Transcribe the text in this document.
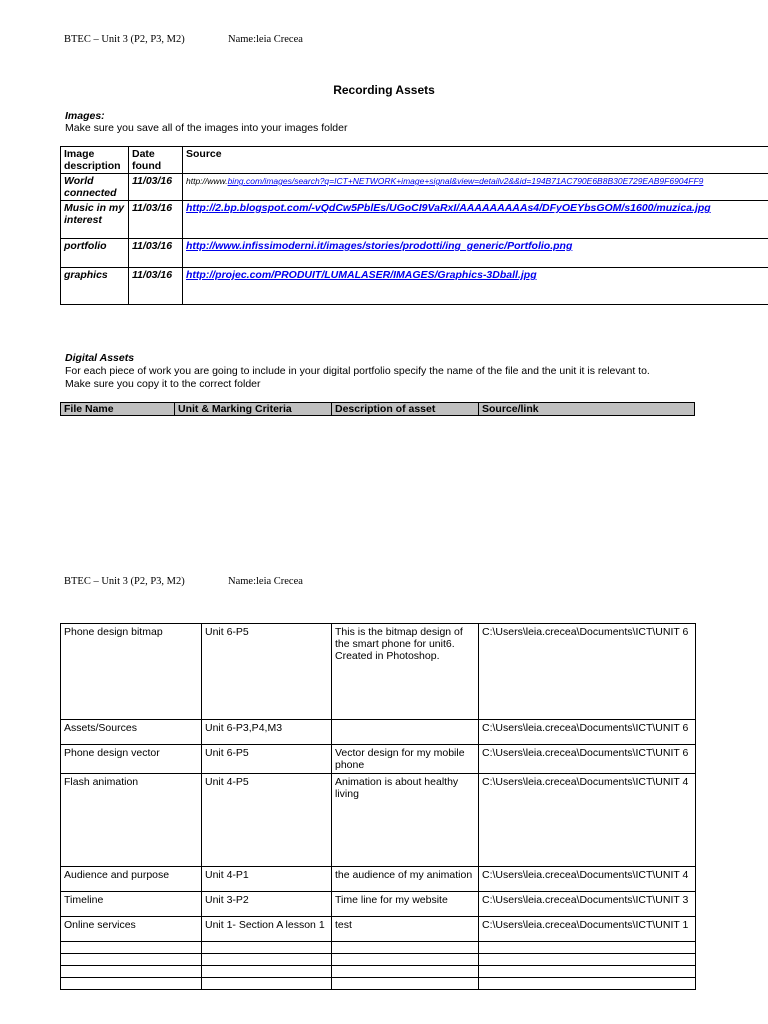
BTEC – Unit 3 (P2, P3, M2)	Name:leia Crecea
Recording Assets
Images:
Make sure you save all of the images into your images folder
Image description	Date found	Source
World connected	11/03/16	http://www.bing.com/images/search?q=ICT+NETWORK+image+signal&view=detailv2&&id=194B71AC790E6B8B30E729EAB9F6904FF9
Music in my interest	11/03/16	http://2.bp.blogspot.com/-vQdCw5PblEs/UGoCI9VaRxI/AAAAAAAAAs4/DFyOEYbsGOM/s1600/muzica.jpg
portfolio	11/03/16	http://www.infissimoderni.it/images/stories/prodotti/ing_generic/Portfolio.png
graphics	11/03/16	http://projec.com/PRODUIT/LUMALASER/IMAGES/Graphics-3Dball.jpg
Digital Assets
For each piece of work you are going to include in your digital portfolio specify the name of the file and the unit it is relevant to.
Make sure you copy it to the correct folder
File Name	Unit & Marking Criteria	Description of asset	Source/link
BTEC – Unit 3 (P2, P3, M2)	Name:leia Crecea
Phone design bitmap	Unit 6-P5	This is the bitmap design of the smart phone for unit6. Created in Photoshop.	C:\Users\leia.crecea\Documents\ICT\UNIT 6
Assets/Sources	Unit 6-P3,P4,M3		C:\Users\leia.crecea\Documents\ICT\UNIT 6
Phone design vector	Unit 6-P5	Vector design for my mobile phone	C:\Users\leia.crecea\Documents\ICT\UNIT 6
Flash animation	Unit 4-P5	Animation is about healthy living	C:\Users\leia.crecea\Documents\ICT\UNIT 4
Audience and purpose	Unit 4-P1	the audience of my animation	C:\Users\leia.crecea\Documents\ICT\UNIT 4
Timeline	Unit 3-P2	Time line for my website	C:\Users\leia.crecea\Documents\ICT\UNIT 3
Online services	Unit 1- Section A lesson 1	test	C:\Users\leia.crecea\Documents\ICT\UNIT 1
